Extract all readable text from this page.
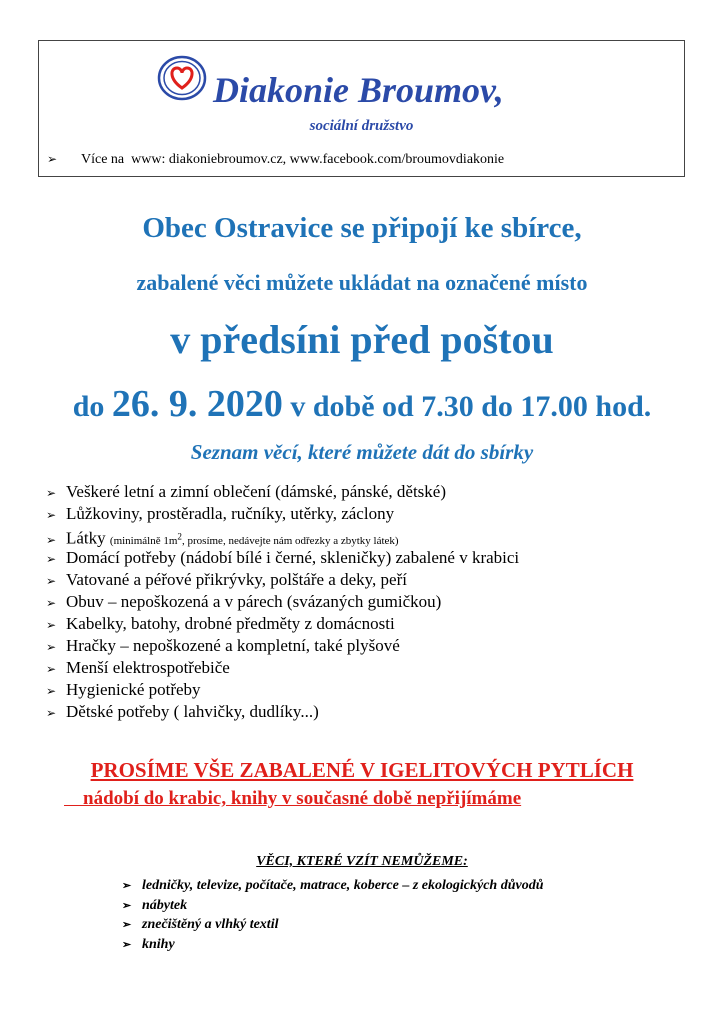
Diakonie Broumov,
sociální družstvo
➢ Více na www: diakoniebroumov.cz, www.facebook.com/broumovdiakonie
Obec Ostravice se připojí ke sbírce,
zabalené věci můžete ukládat na označené místo
v předsíni před poštou
do 26. 9. 2020 v době od 7.30 do 17.00 hod.
Seznam věcí, které můžete dát do sbírky
➢ Veškeré letní a zimní oblečení (dámské, pánské, dětské)
➢ Lůžkoviny, prostěradla, ručníky, utěrky, záclony
➢ Látky (minimálně $1m^2$, prosíme, nedávejte nám odřezky a zbytky látek)
➢ Domácí potřeby (nádobí bílé i černé, skleničky) zabalené v krabici
➢ Vatované a péřové přikrývky, polštáře a deky, peří
➢ Obuv – nepoškozená a v párech (svázaných gumičkou)
➢ Kabelky, batohy, drobné předměty z domácnosti
➢ Hračky – nepoškozené a kompletní, také plyšové
➢ Menší elektrospotřebiče
➢ Hygienické potřeby
➢ Dětské potřeby ( lahvičky, dudlíky...)
PROSÍME VŠE ZABALENÉ V IGELITOVÝCH PYTLÍCH
nádobí do krabic, knihy v současné době nepřijímáme
VĚCI, KTERÉ VZÍT NEMŮŽEME:
➢ ledničky, televize, počítače, matrace, koberce – z ekologických důvodů
➢ nábytek
➢ znečištěný a vlhký textil
➢ knihy
